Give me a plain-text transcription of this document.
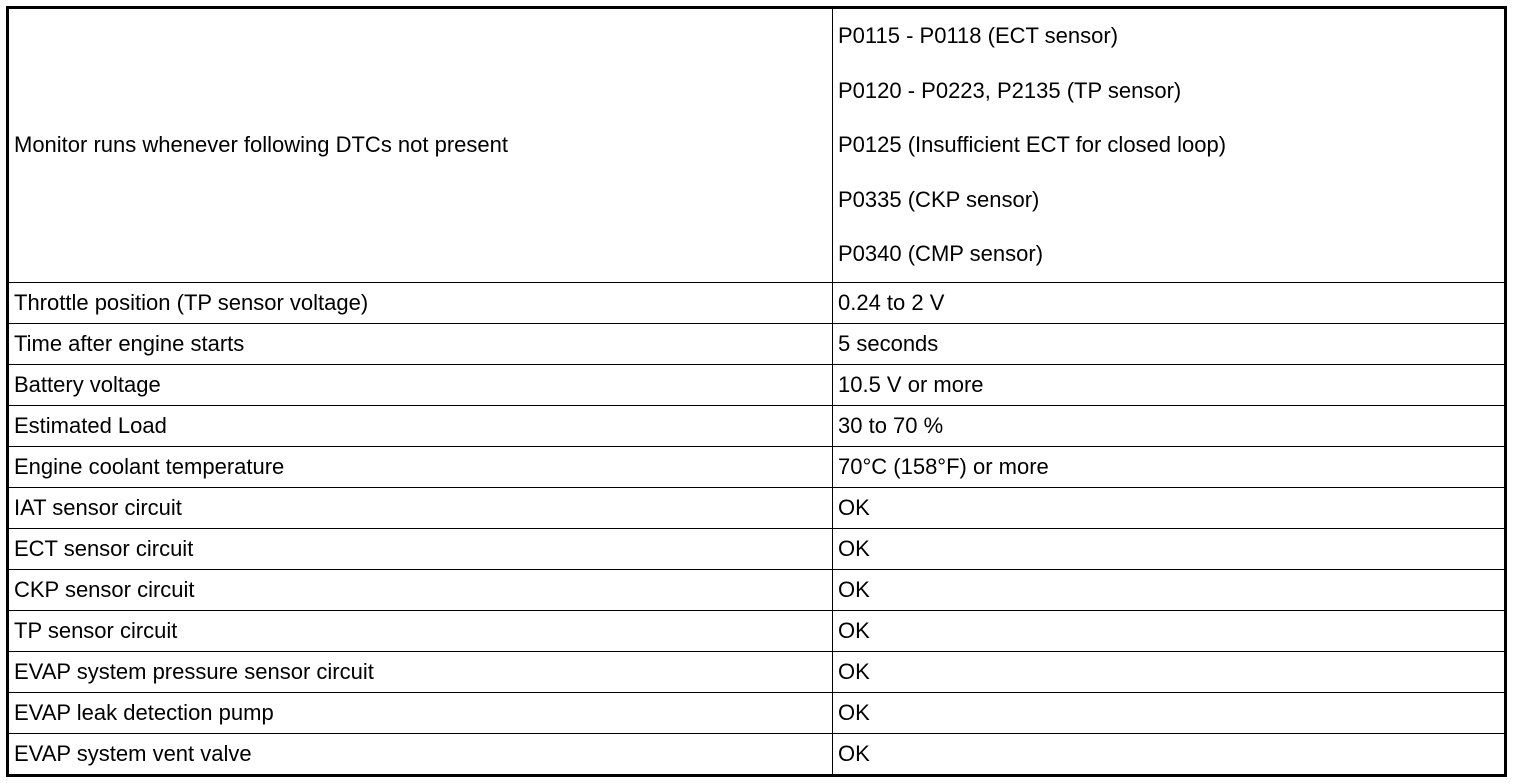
Monitor runs whenever following DTCs not present	P0115 - P0118 (ECT sensor)
P0120 - P0223, P2135 (TP sensor)
P0125 (Insufficient ECT for closed loop)
P0335 (CKP sensor)
P0340 (CMP sensor)

Throttle position (TP sensor voltage)	0.24 to 2 V
Time after engine starts	5 seconds
Battery voltage	10.5 V or more
Estimated Load	30 to 70 %
Engine coolant temperature	70°C (158°F) or more
IAT sensor circuit	OK
ECT sensor circuit	OK
CKP sensor circuit	OK
TP sensor circuit	OK
EVAP system pressure sensor circuit	OK
EVAP leak detection pump	OK
EVAP system vent valve	OK
